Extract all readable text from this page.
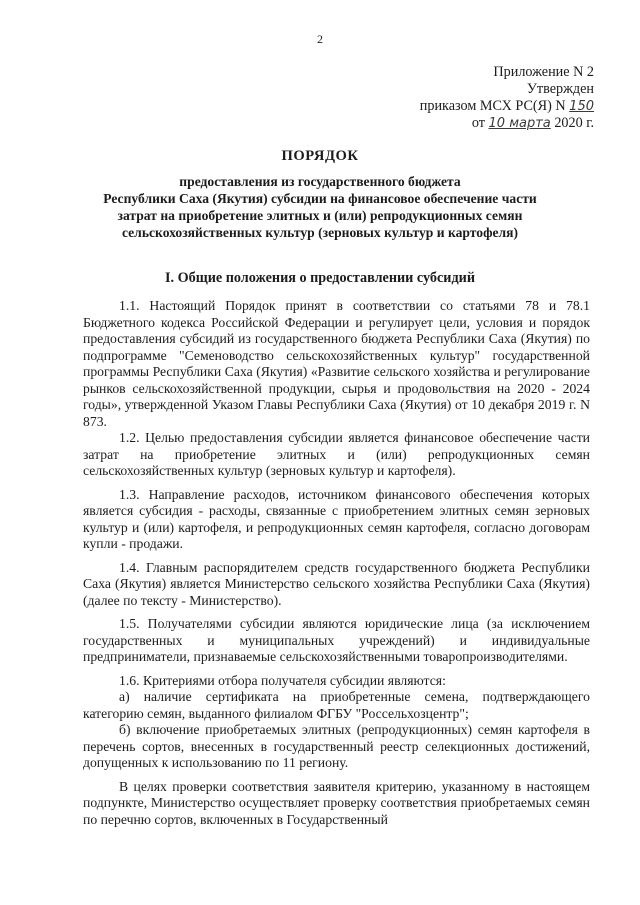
2
Приложение N 2
Утвержден
приказом МСХ РС(Я) N 150
от 10 марта 2020 г.
ПОРЯДОК
предоставления из государственного бюджета
Республики Саха (Якутия) субсидии на финансовое обеспечение части
затрат на приобретение элитных и (или) репродукционных семян
сельскохозяйственных культур (зерновых культур и картофеля)
I. Общие положения о предоставлении субсидий

1.1. Настоящий Порядок принят в соответствии со статьями 78 и 78.1 Бюджетного кодекса Российской Федерации и регулирует цели, условия и порядок предоставления субсидий из государственного бюджета Республики Саха (Якутия) по подпрограмме "Семеноводство сельскохозяйственных культур" государственной программы Республики Саха (Якутия) «Развитие сельского хозяйства и регулирование рынков сельскохозяйственной продукции, сырья и продовольствия на 2020 - 2024 годы», утвержденной Указом Главы Республики Саха (Якутия) от 10 декабря 2019 г. N 873.

1.2. Целью предоставления субсидии является финансовое обеспечение части затрат на приобретение элитных и (или) репродукционных семян сельскохозяйственных культур (зерновых культур и картофеля).

1.3. Направление расходов, источником финансового обеспечения которых является субсидия - расходы, связанные с приобретением элитных семян зерновых культур и (или) картофеля, и репродукционных семян картофеля, согласно договорам купли - продажи.

1.4. Главным распорядителем средств государственного бюджета Республики Саха (Якутия) является Министерство сельского хозяйства Республики Саха (Якутия) (далее по тексту - Министерство).

1.5. Получателями субсидии являются юридические лица (за исключением государственных и муниципальных учреждений) и индивидуальные предприниматели, признаваемые сельскохозяйственными товаропроизводителями.

1.6. Критериями отбора получателя субсидии являются:

а) наличие сертификата на приобретенные семена, подтверждающего категорию семян, выданного филиалом ФГБУ "Россельхозцентр";

б) включение приобретаемых элитных (репродукционных) семян картофеля в перечень сортов, внесенных в государственный реестр селекционных достижений, допущенных к использованию по 11 региону.

В целях проверки соответствия заявителя критерию, указанному в настоящем подпункте, Министерство осуществляет проверку соответствия приобретаемых семян по перечню сортов, включенных в Государственный
